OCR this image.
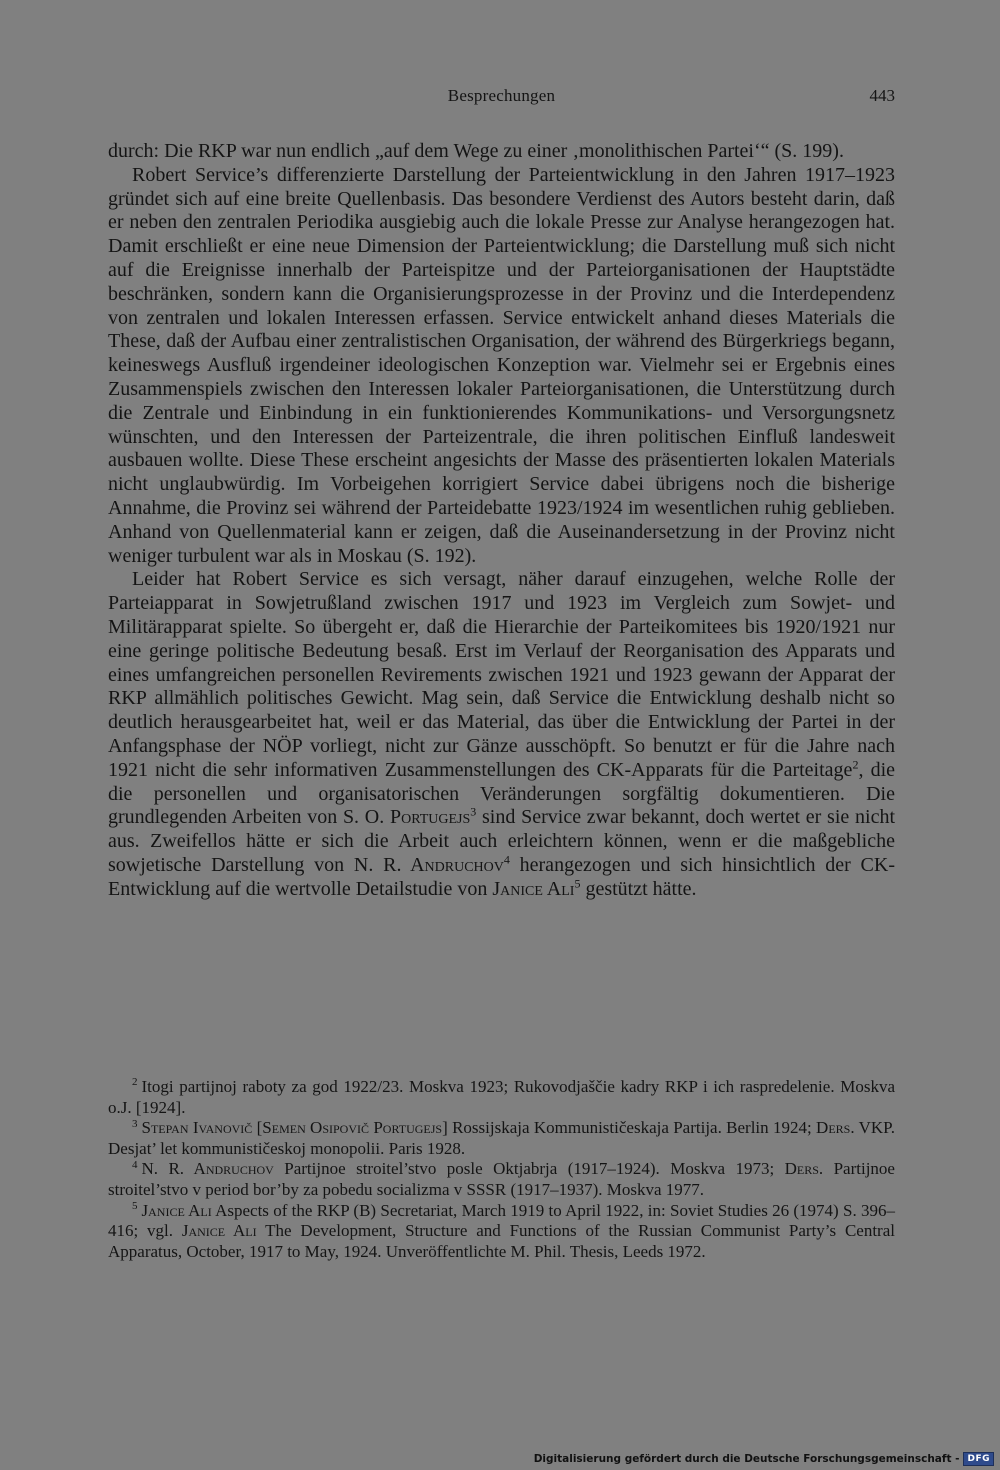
Besprechungen	443

durch: Die RKP war nun endlich „auf dem Wege zu einer ‚monolithischen Partei‘“ (S. 199).

Robert Service’s differenzierte Darstellung der Parteientwicklung in den Jahren 1917–1923 gründet sich auf eine breite Quellenbasis. Das besondere Verdienst des Autors besteht darin, daß er neben den zentralen Periodika ausgiebig auch die lokale Presse zur Analyse herangezogen hat. Damit erschließt er eine neue Dimension der Parteientwicklung; die Darstellung muß sich nicht auf die Ereignisse innerhalb der Parteispitze und der Parteiorganisationen der Hauptstädte beschränken, sondern kann die Organisierungsprozesse in der Provinz und die Interdependenz von zentralen und lokalen Interessen erfassen. Service entwickelt anhand dieses Materials die These, daß der Aufbau einer zentralistischen Organisation, der während des Bürgerkriegs begann, keineswegs Ausfluß irgendeiner ideologischen Konzeption war. Vielmehr sei er Ergebnis eines Zusammenspiels zwischen den Interessen lokaler Parteiorganisationen, die Unterstützung durch die Zentrale und Einbindung in ein funktionierendes Kommunikations- und Versorgungsnetz wünschten, und den Interessen der Parteizentrale, die ihren politischen Einfluß landesweit ausbauen wollte. Diese These erscheint angesichts der Masse des präsentierten lokalen Materials nicht unglaubwürdig. Im Vorbeigehen korrigiert Service dabei übrigens noch die bisherige Annahme, die Provinz sei während der Parteidebatte 1923/1924 im wesentlichen ruhig geblieben. Anhand von Quellenmaterial kann er zeigen, daß die Auseinandersetzung in der Provinz nicht weniger turbulent war als in Moskau (S. 192).

Leider hat Robert Service es sich versagt, näher darauf einzugehen, welche Rolle der Parteiapparat in Sowjetrußland zwischen 1917 und 1923 im Vergleich zum Sowjet- und Militärapparat spielte. So übergeht er, daß die Hierarchie der Parteikomitees bis 1920/1921 nur eine geringe politische Bedeutung besaß. Erst im Verlauf der Reorganisation des Apparats und eines umfangreichen personellen Revirements zwischen 1921 und 1923 gewann der Apparat der RKP allmählich politisches Gewicht. Mag sein, daß Service die Entwicklung deshalb nicht so deutlich herausgearbeitet hat, weil er das Material, das über die Entwicklung der Partei in der Anfangsphase der NÖP vorliegt, nicht zur Gänze ausschöpft. So benutzt er für die Jahre nach 1921 nicht die sehr informativen Zusammenstellungen des CK-Apparats für die Parteitage$^2$, die die personellen und organisatorischen Veränderungen sorgfältig dokumentieren. Die grundlegenden Arbeiten von S. O. Portugejs$^3$ sind Service zwar bekannt, doch wertet er sie nicht aus. Zweifellos hätte er sich die Arbeit auch erleichtern können, wenn er die maßgebliche sowjetische Darstellung von N. R. Andruchov$^4$ herangezogen und sich hinsichtlich der CK-Entwicklung auf die wertvolle Detailstudie von Janice Ali$^5$ gestützt hätte.

$^2$ Itogi partijnoj raboty za god 1922/23. Moskva 1923; Rukovodjaščie kadry RKP i ich raspredelenie. Moskva o.J. [1924].

$^3$ Stepan Ivanovič [Semen Osipovič Portugejs] Rossijskaja Kommunističeskaja Partija. Berlin 1924; Ders. VKP. Desjat’ let kommunističeskoj monopolii. Paris 1928.

$^4$ N. R. Andruchov Partijnoe stroitel’stvo posle Oktjabrja (1917–1924). Moskva 1973; Ders. Partijnoe stroitel’stvo v period bor’by za pobedu socializma v SSSR (1917–1937). Moskva 1977.

$^5$ Janice Ali Aspects of the RKP (B) Secretariat, March 1919 to April 1922, in: Soviet Studies 26 (1974) S. 396–416; vgl. Janice Ali The Development, Structure and Functions of the Russian Communist Party’s Central Apparatus, October, 1917 to May, 1924. Unveröffentlichte M. Phil. Thesis, Leeds 1972.

Digitalisierung gefördert durch die Deutsche Forschungsgemeinschaft - DFG
